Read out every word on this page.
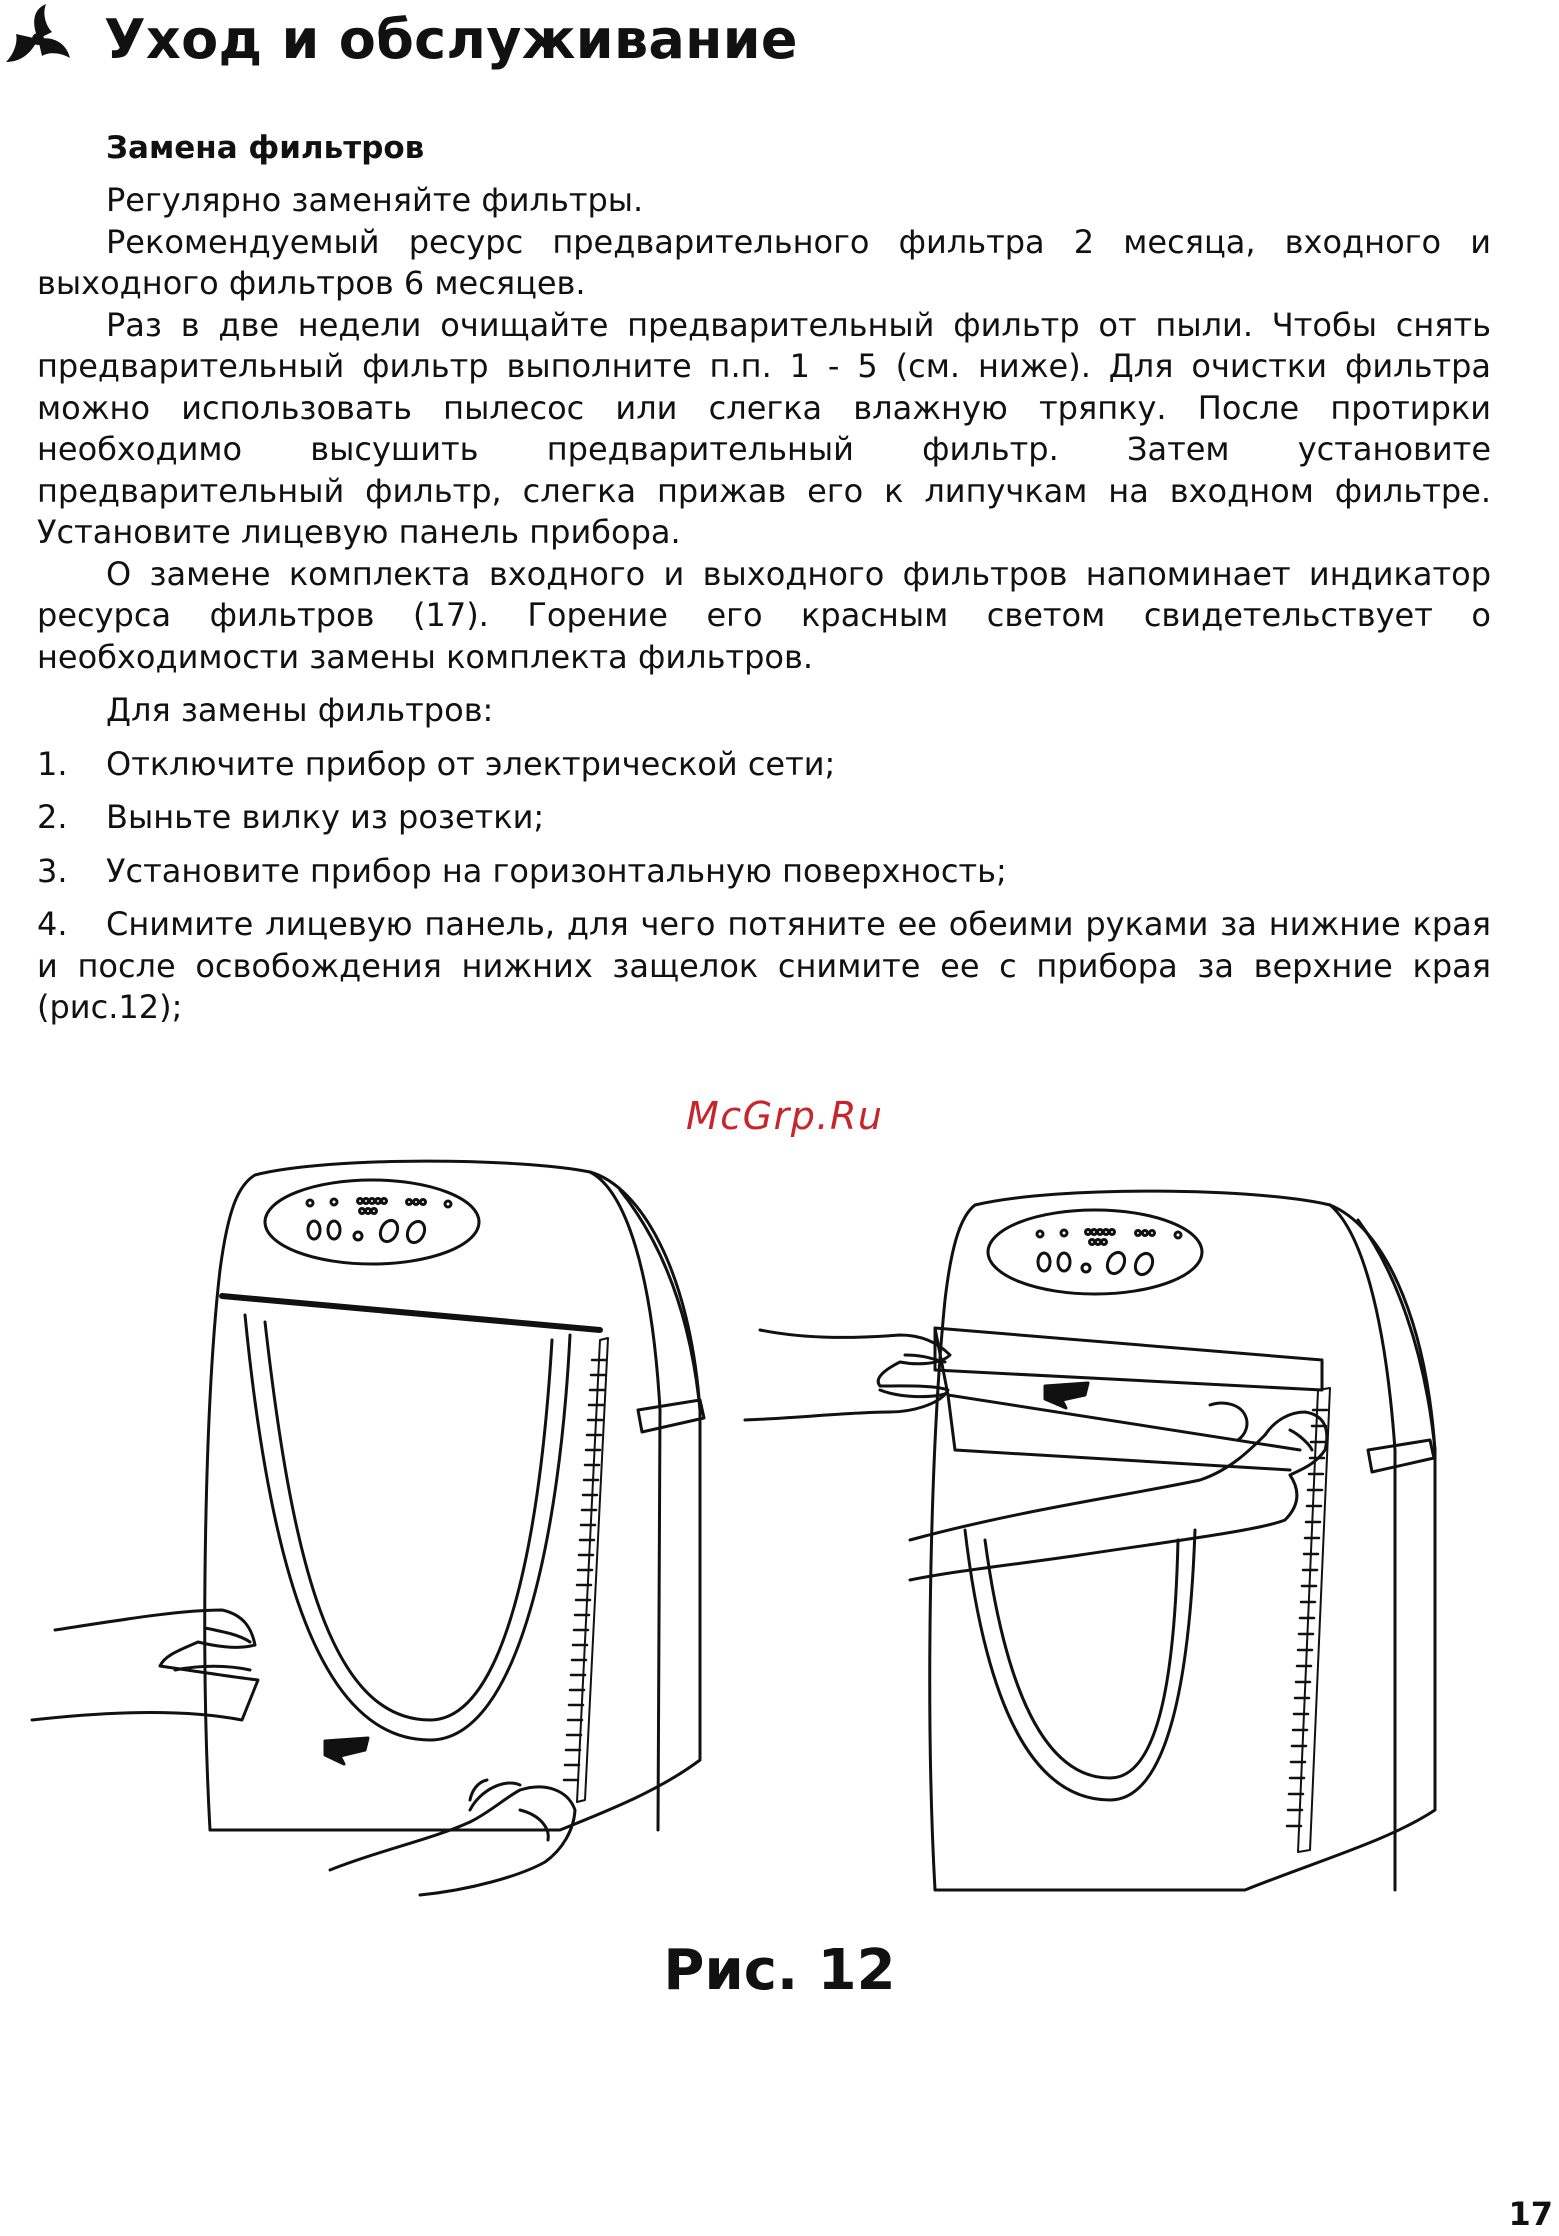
Уход и обслуживание
Замена фильтров

Регулярно заменяйте фильтры.

Рекомендуемый ресурс предварительного фильтра 2 месяца, входного и выходного фильтров 6 месяцев.

Раз в две недели очищайте предварительный фильтр от пыли. Чтобы снять предварительный фильтр выполните п.п. 1 - 5 (см. ниже). Для очистки фильтра можно использовать пылесос или слегка влажную тряпку. После протирки необходимо высушить предварительный фильтр. Затем установите предварительный фильтр, слегка прижав его к липучкам на входном фильтре. Установите лицевую панель прибора.

О замене комплекта входного и выходного фильтров напоминает индикатор ресурса фильтров (17). Горение его красным светом свидетельствует о необходимости замены комплекта фильтров.

Для замены фильтров:

1. Отключите прибор от электрической сети;
2. Выньте вилку из розетки;
3. Установите прибор на горизонтальную поверхность;
4. Снимите лицевую панель, для чего потяните ее обеими руками за нижние края и после освобождения нижних защелок снимите ее с прибора за верхние края (рис.12);
McGrp.Ru
Рис. 12
17
